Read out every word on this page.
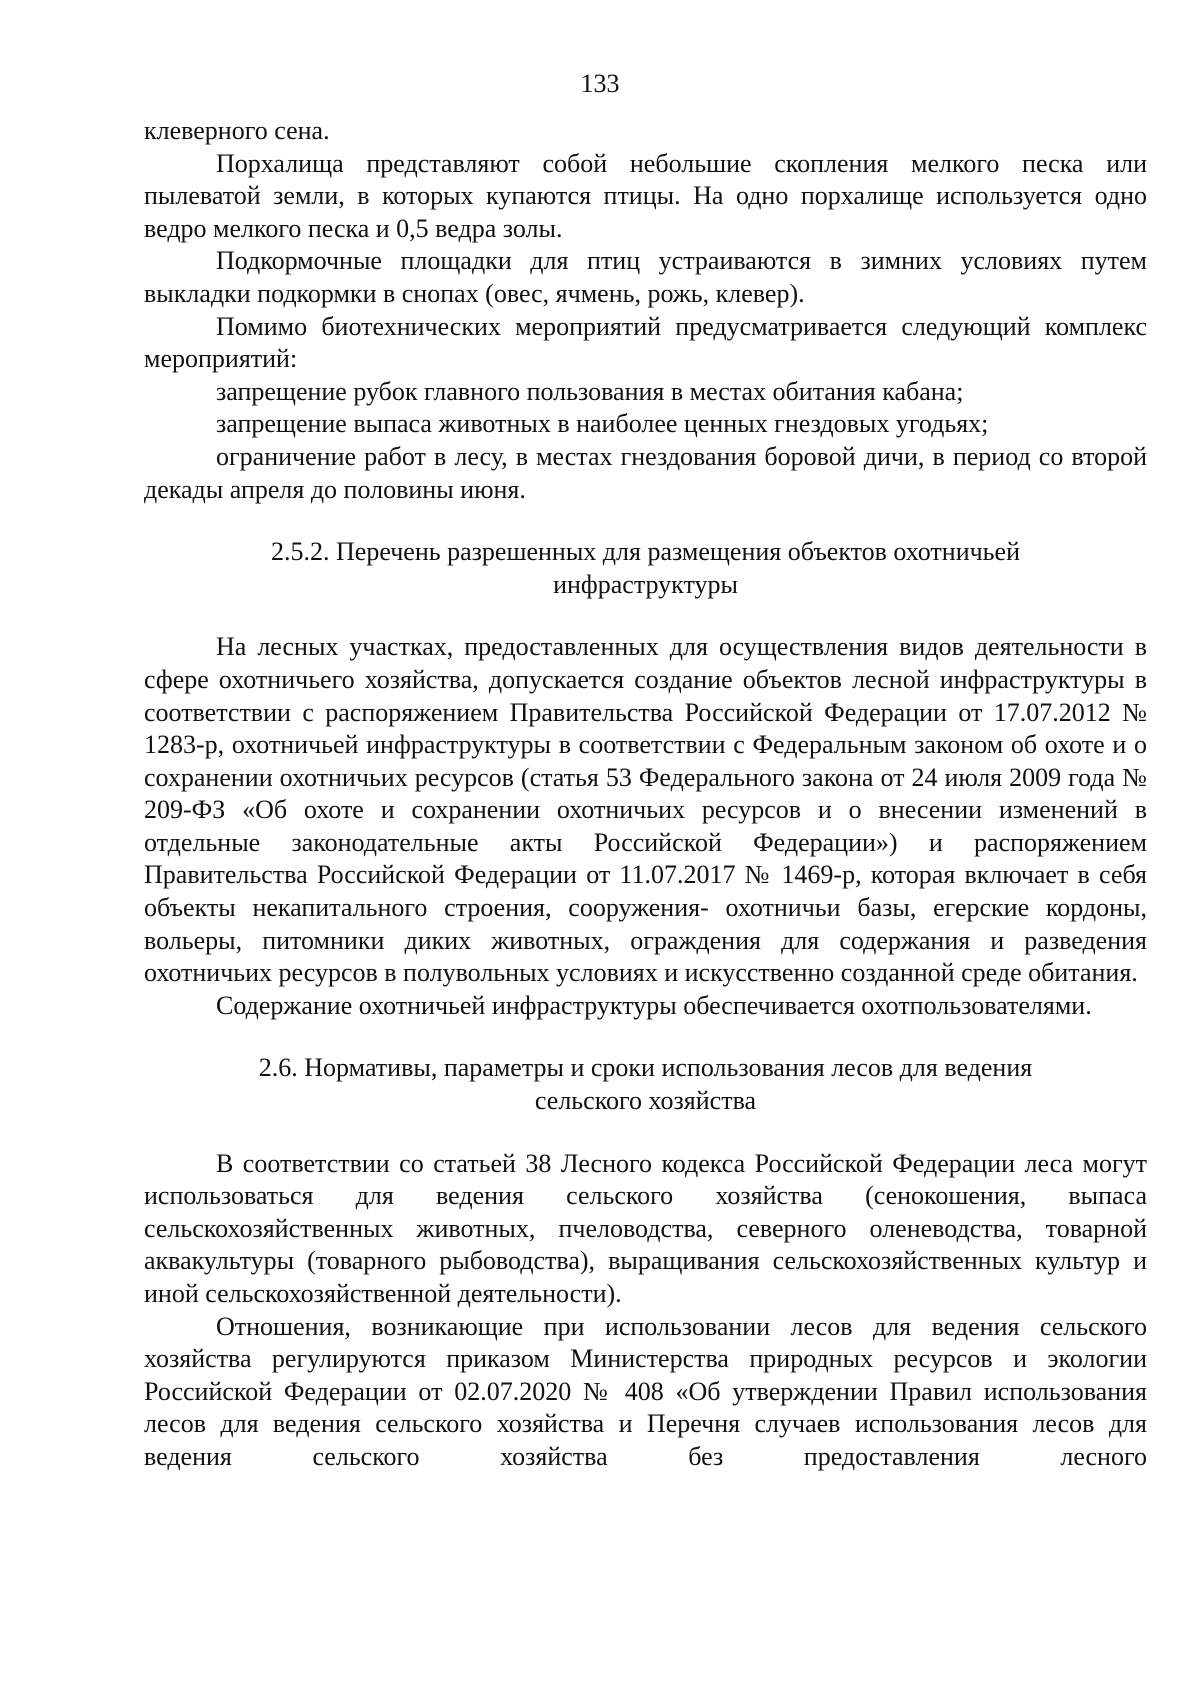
133

клеверного сена.

Порхалища представляют собой небольшие скопления мелкого песка или пылеватой земли, в которых купаются птицы. На одно порхалище используется одно ведро мелкого песка и 0,5 ведра золы.

Подкормочные площадки для птиц устраиваются в зимних условиях путем выкладки подкормки в снопах (овес, ячмень, рожь, клевер).

Помимо биотехнических мероприятий предусматривается следующий комплекс мероприятий:

запрещение рубок главного пользования в местах обитания кабана;

запрещение выпаса животных в наиболее ценных гнездовых угодьях;

ограничение работ в лесу, в местах гнездования боровой дичи, в период со второй декады апреля до половины июня.

2.5.2. Перечень разрешенных для размещения объектов охотничьей инфраструктуры

На лесных участках, предоставленных для осуществления видов деятельности в сфере охотничьего хозяйства, допускается создание объектов лесной инфраструктуры в соответствии с распоряжением Правительства Российской Федерации от 17.07.2012 № 1283-р, охотничьей инфраструктуры в соответствии с Федеральным законом об охоте и о сохранении охотничьих ресурсов (статья 53 Федерального закона от 24 июля 2009 года № 209-ФЗ «Об охоте и сохранении охотничьих ресурсов и о внесении изменений в отдельные законодательные акты Российской Федерации») и распоряжением Правительства Российской Федерации от 11.07.2017 № 1469-р, которая включает в себя объекты некапитального строения, сооружения- охотничьи базы, егерские кордоны, вольеры, питомники диких животных, ограждения для содержания и разведения охотничьих ресурсов в полувольных условиях и искусственно созданной среде обитания.

Содержание охотничьей инфраструктуры обеспечивается охотпользователями.

2.6. Нормативы, параметры и сроки использования лесов для ведения сельского хозяйства

В соответствии со статьей 38 Лесного кодекса Российской Федерации леса могут использоваться для ведения сельского хозяйства (сенокошения, выпаса сельскохозяйственных животных, пчеловодства, северного оленеводства, товарной аквакультуры (товарного рыбоводства), выращивания сельскохозяйственных культур и иной сельскохозяйственной деятельности).

Отношения, возникающие при использовании лесов для ведения сельского хозяйства регулируются приказом Министерства природных ресурсов и экологии Российской Федерации от 02.07.2020 № 408 «Об утверждении Правил использования лесов для ведения сельского хозяйства и Перечня случаев использования лесов для ведения сельского хозяйства без предоставления лесного
